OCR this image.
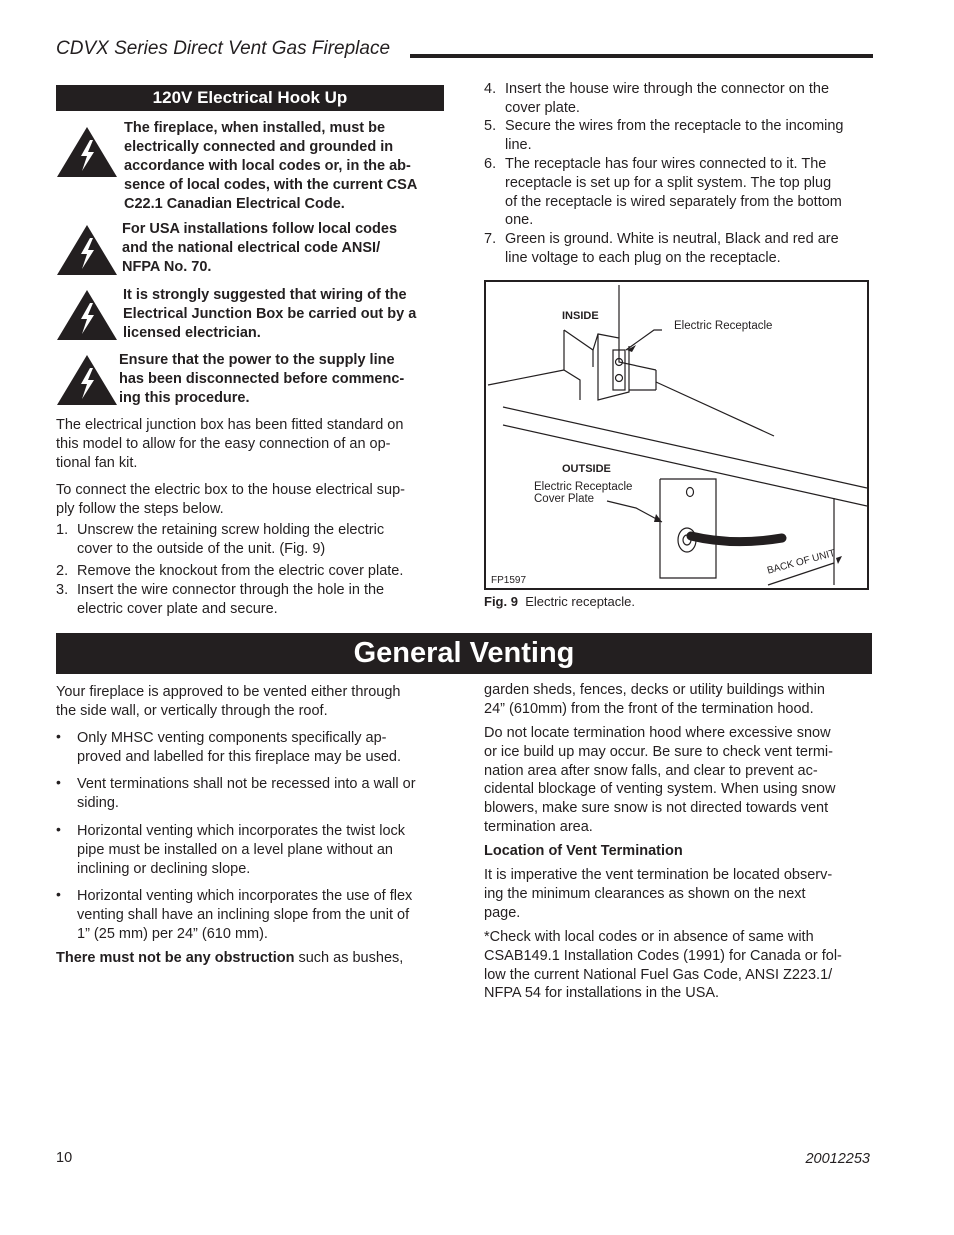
CDVX Series Direct Vent Gas Fireplace
120V Electrical Hook Up
The fireplace, when installed, must be
electrically connected and grounded in
accordance with local codes or, in the ab-
sence of local codes, with the current CSA
C22.1 Canadian Electrical Code.
For USA installations follow local codes
and the national electrical code ANSI/
NFPA No. 70.
It is strongly suggested that wiring of the
Electrical Junction Box be carried out by a
licensed electrician.
Ensure that the power to the supply line
has been disconnected before commenc-
ing this procedure.
The electrical junction box has been fitted standard on
this model to allow for the easy connection of an op-
tional fan kit.
To connect the electric box to the house electrical sup-
ply follow the steps below.
1. Unscrew the retaining screw holding the electric
cover to the outside of the unit. (Fig. 9)
2. Remove the knockout from the electric cover plate.
3. Insert the wire connector through the hole in the
electric cover plate and secure.
4. Insert the house wire through the connector on the
cover plate.
5. Secure the wires from the receptacle to the incoming
line.
6. The receptacle has four wires connected to it. The
receptacle is set up for a split system. The top plug
of the receptacle is wired separately from the bottom
one.
7. Green is ground. White is neutral, Black and red are
line voltage to each plug on the receptacle.
INSIDE
Electric Receptacle
OUTSIDE
Electric Receptacle
Cover Plate
FP1597
BACK OF UNIT
Fig. 9 Electric receptacle.
General Venting
Your fireplace is approved to be vented either through
the side wall, or vertically through the roof.
• Only MHSC venting components specifically ap-
proved and labelled for this fireplace may be used.
• Vent terminations shall not be recessed into a wall or
siding.
• Horizontal venting which incorporates the twist lock
pipe must be installed on a level plane without an
inclining or declining slope.
• Horizontal venting which incorporates the use of flex
venting shall have an inclining slope from the unit of
1” (25 mm) per 24” (610 mm).
There must not be any obstruction such as bushes,
garden sheds, fences, decks or utility buildings within
24” (610mm) from the front of the termination hood.
Do not locate termination hood where excessive snow
or ice build up may occur. Be sure to check vent termi-
nation area after snow falls, and clear to prevent ac-
cidental blockage of venting system. When using snow
blowers, make sure snow is not directed towards vent
termination area.
Location of Vent Termination
It is imperative the vent termination be located observ-
ing the minimum clearances as shown on the next
page.
*Check with local codes or in absence of same with
CSAB149.1 Installation Codes (1991) for Canada or fol-
low the current National Fuel Gas Code, ANSI Z223.1/
NFPA 54 for installations in the USA.
10	20012253
